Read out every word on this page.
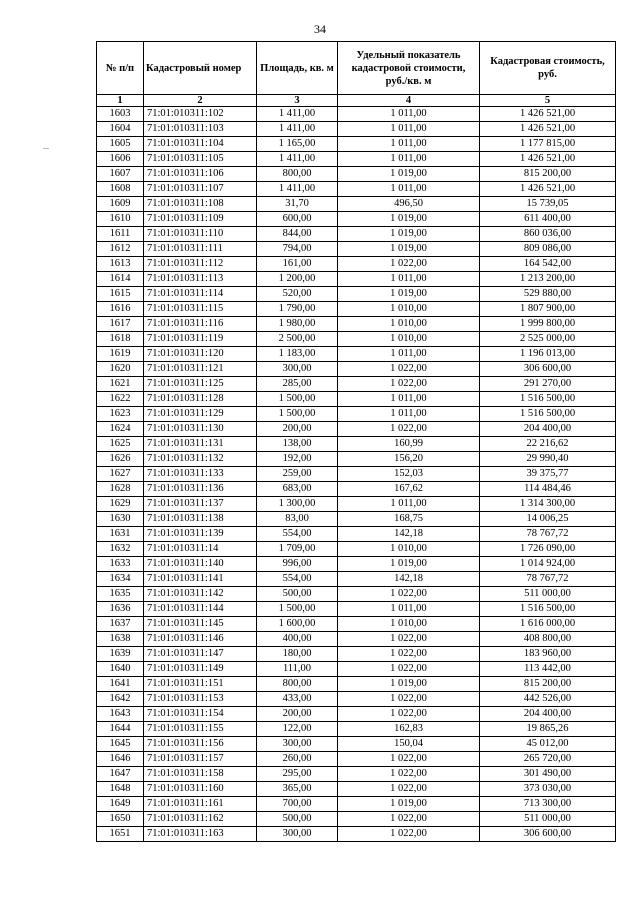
34
№ п/п	Кадастровый номер	Площадь, кв. м	Удельный показатель кадастровой стоимости, руб./кв. м	Кадастровая стоимость, руб.
1	2	3	4	5
1603	71:01:010311:102	1 411,00	1 011,00	1 426 521,00
1604	71:01:010311:103	1 411,00	1 011,00	1 426 521,00
1605	71:01:010311:104	1 165,00	1 011,00	1 177 815,00
1606	71:01:010311:105	1 411,00	1 011,00	1 426 521,00
1607	71:01:010311:106	800,00	1 019,00	815 200,00
1608	71:01:010311:107	1 411,00	1 011,00	1 426 521,00
1609	71:01:010311:108	31,70	496,50	15 739,05
1610	71:01:010311:109	600,00	1 019,00	611 400,00
1611	71:01:010311:110	844,00	1 019,00	860 036,00
1612	71:01:010311:111	794,00	1 019,00	809 086,00
1613	71:01:010311:112	161,00	1 022,00	164 542,00
1614	71:01:010311:113	1 200,00	1 011,00	1 213 200,00
1615	71:01:010311:114	520,00	1 019,00	529 880,00
1616	71:01:010311:115	1 790,00	1 010,00	1 807 900,00
1617	71:01:010311:116	1 980,00	1 010,00	1 999 800,00
1618	71:01:010311:119	2 500,00	1 010,00	2 525 000,00
1619	71:01:010311:120	1 183,00	1 011,00	1 196 013,00
1620	71:01:010311:121	300,00	1 022,00	306 600,00
1621	71:01:010311:125	285,00	1 022,00	291 270,00
1622	71:01:010311:128	1 500,00	1 011,00	1 516 500,00
1623	71:01:010311:129	1 500,00	1 011,00	1 516 500,00
1624	71:01:010311:130	200,00	1 022,00	204 400,00
1625	71:01:010311:131	138,00	160,99	22 216,62
1626	71:01:010311:132	192,00	156,20	29 990,40
1627	71:01:010311:133	259,00	152,03	39 375,77
1628	71:01:010311:136	683,00	167,62	114 484,46
1629	71:01:010311:137	1 300,00	1 011,00	1 314 300,00
1630	71:01:010311:138	83,00	168,75	14 006,25
1631	71:01:010311:139	554,00	142,18	78 767,72
1632	71:01:010311:14	1 709,00	1 010,00	1 726 090,00
1633	71:01:010311:140	996,00	1 019,00	1 014 924,00
1634	71:01:010311:141	554,00	142,18	78 767,72
1635	71:01:010311:142	500,00	1 022,00	511 000,00
1636	71:01:010311:144	1 500,00	1 011,00	1 516 500,00
1637	71:01:010311:145	1 600,00	1 010,00	1 616 000,00
1638	71:01:010311:146	400,00	1 022,00	408 800,00
1639	71:01:010311:147	180,00	1 022,00	183 960,00
1640	71:01:010311:149	111,00	1 022,00	113 442,00
1641	71:01:010311:151	800,00	1 019,00	815 200,00
1642	71:01:010311:153	433,00	1 022,00	442 526,00
1643	71:01:010311:154	200,00	1 022,00	204 400,00
1644	71:01:010311:155	122,00	162,83	19 865,26
1645	71:01:010311:156	300,00	150,04	45 012,00
1646	71:01:010311:157	260,00	1 022,00	265 720,00
1647	71:01:010311:158	295,00	1 022,00	301 490,00
1648	71:01:010311:160	365,00	1 022,00	373 030,00
1649	71:01:010311:161	700,00	1 019,00	713 300,00
1650	71:01:010311:162	500,00	1 022,00	511 000,00
1651	71:01:010311:163	300,00	1 022,00	306 600,00
